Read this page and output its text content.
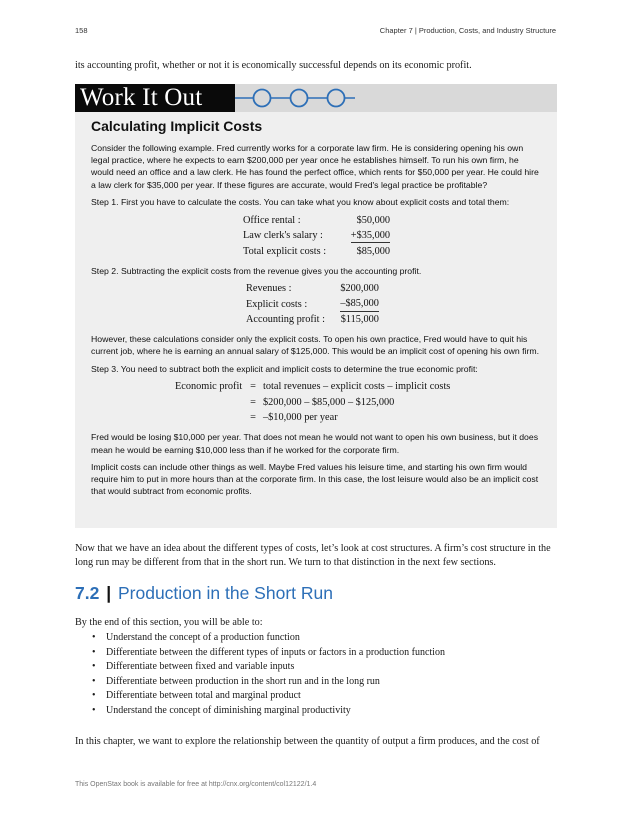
158	Chapter 7 | Production, Costs, and Industry Structure

its accounting profit, whether or not it is economically successful depends on its economic profit.

Work It Out
Calculating Implicit Costs

Consider the following example. Fred currently works for a corporate law firm. He is considering opening his own legal practice, where he expects to earn $200,000 per year once he establishes himself. To run his own firm, he would need an office and a law clerk. He has found the perfect office, which rents for $50,000 per year. He could hire a law clerk for $35,000 per year. If these figures are accurate, would Fred's legal practice be profitable?

Step 1. First you have to calculate the costs. You can take what you know about explicit costs and total them:

Office rental :	$50,000
Law clerk's salary :	+$35,000
Total explicit costs :	$85,000

Step 2. Subtracting the explicit costs from the revenue gives you the accounting profit.

Revenues :	$200,000
Explicit costs :	–$85,000
Accounting profit :	$115,000

However, these calculations consider only the explicit costs. To open his own practice, Fred would have to quit his current job, where he is earning an annual salary of $125,000. This would be an implicit cost of opening his own firm.

Step 3. You need to subtract both the explicit and implicit costs to determine the true economic profit:

Economic profit	=	total revenues – explicit costs – implicit costs
	=	$200,000 – $85,000 – $125,000
	=	–$10,000 per year

Fred would be losing $10,000 per year. That does not mean he would not want to open his own business, but it does mean he would be earning $10,000 less than if he worked for the corporate firm.

Implicit costs can include other things as well. Maybe Fred values his leisure time, and starting his own firm would require him to put in more hours than at the corporate firm. In this case, the lost leisure would also be an implicit cost that would subtract from economic profits.

Now that we have an idea about the different types of costs, let’s look at cost structures. A firm’s cost structure in the long run may be different from that in the short run. We turn to that distinction in the next few sections.

7.2 | Production in the Short Run

By the end of this section, you will be able to:

• Understand the concept of a production function
• Differentiate between the different types of inputs or factors in a production function
• Differentiate between fixed and variable inputs
• Differentiate between production in the short run and in the long run
• Differentiate between total and marginal product
• Understand the concept of diminishing marginal productivity

In this chapter, we want to explore the relationship between the quantity of output a firm produces, and the cost of

This OpenStax book is available for free at http://cnx.org/content/col12122/1.4
